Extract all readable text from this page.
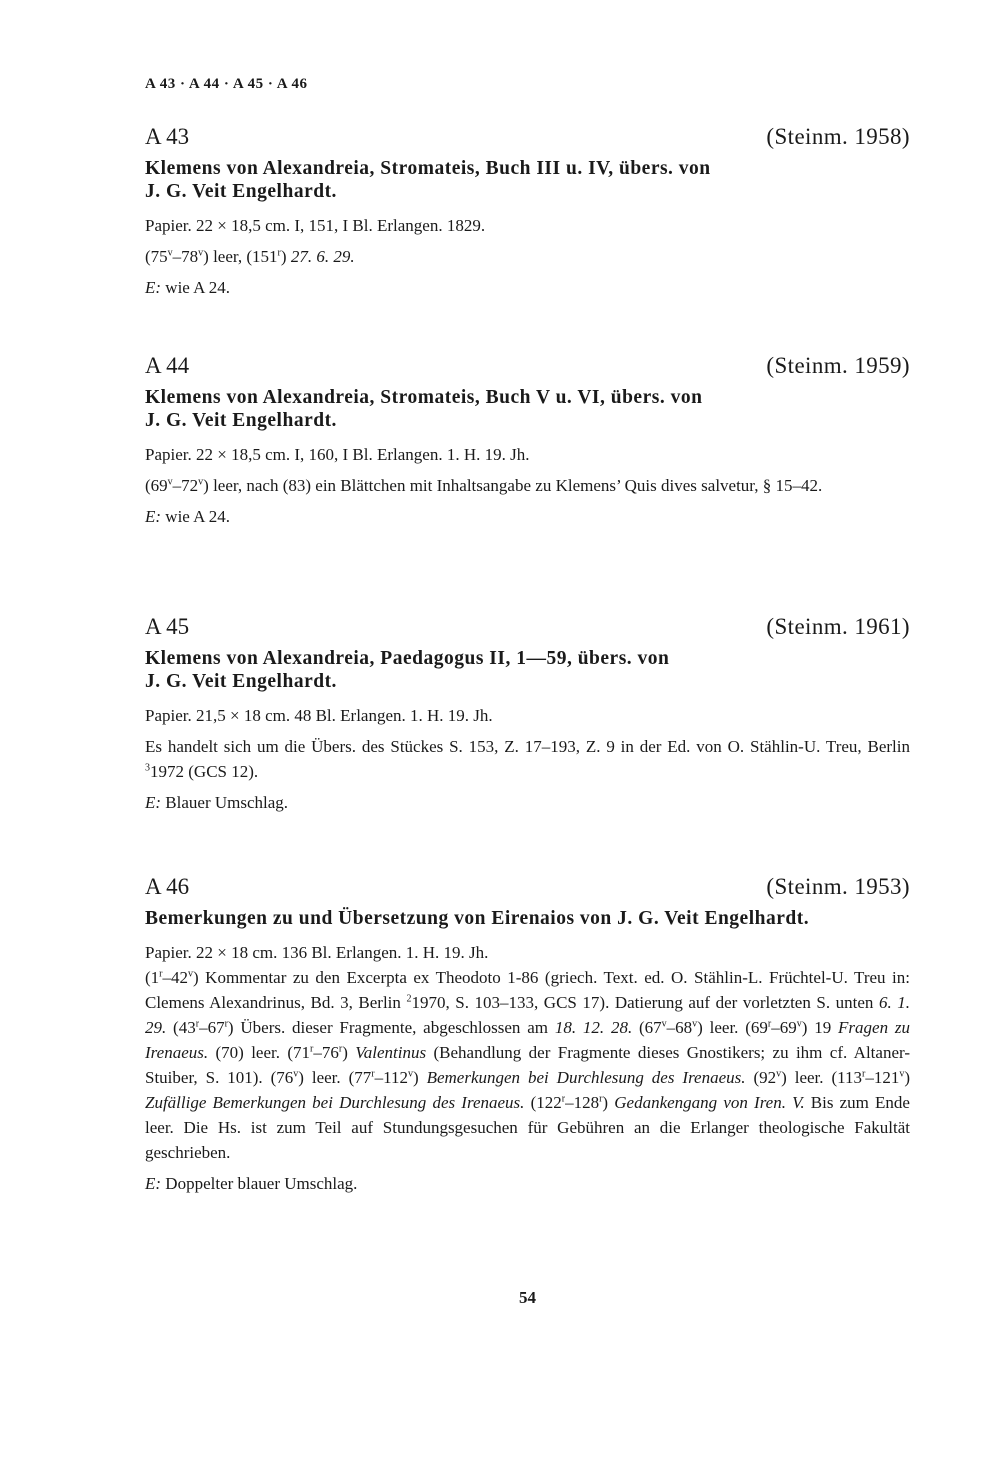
A 43 · A 44 · A 45 · A 46
A 43	(Steinm. 1958)
Klemens von Alexandreia, Stromateis, Buch III u. IV, übers. von
J. G. Veit Engelhardt.
Papier. 22 × 18,5 cm. I, 151, I Bl. Erlangen. 1829.
(75$^v$–78$^v$) leer, (151$^r$) 27. 6. 29.
E: wie A 24.
A 44	(Steinm. 1959)
Klemens von Alexandreia, Stromateis, Buch V u. VI, übers. von
J. G. Veit Engelhardt.
Papier. 22 × 18,5 cm. I, 160, I Bl. Erlangen. 1. H. 19. Jh.
(69$^v$–72$^v$) leer, nach (83) ein Blättchen mit Inhaltsangabe zu Klemens’ Quis dives salvetur, § 15–42.
E: wie A 24.
A 45	(Steinm. 1961)
Klemens von Alexandreia, Paedagogus II, 1—59, übers. von
J. G. Veit Engelhardt.
Papier. 21,5 × 18 cm. 48 Bl. Erlangen. 1. H. 19. Jh.
Es handelt sich um die Übers. des Stückes S. 153, Z. 17–193, Z. 9 in der Ed. von O. Stählin-U. Treu, Berlin $^3$1972 (GCS 12).
E: Blauer Umschlag.
A 46	(Steinm. 1953)
Bemerkungen zu und Übersetzung von Eirenaios von J. G. Veit Engelhardt.
Papier. 22 × 18 cm. 136 Bl. Erlangen. 1. H. 19. Jh.
(1$^r$–42$^v$) Kommentar zu den Excerpta ex Theodoto 1-86 (griech. Text. ed. O. Stählin-L. Früchtel-U. Treu in: Clemens Alexandrinus, Bd. 3, Berlin $^2$1970, S. 103–133, GCS 17). Datierung auf der vorletzten S. unten 6. 1. 29. (43$^r$–67$^r$) Übers. dieser Fragmente, abgeschlossen am 18. 12. 28. (67$^v$–68$^v$) leer. (69$^r$–69$^v$) 19 Fragen zu Irenaeus. (70) leer. (71$^r$–76$^r$) Valentinus (Behandlung der Fragmente dieses Gnostikers; zu ihm cf. Altaner-Stuiber, S. 101). (76$^v$) leer. (77$^r$–112$^v$) Bemerkungen bei Durchlesung des Irenaeus. (92$^v$) leer. (113$^r$–121$^v$) Zufällige Bemerkungen bei Durchlesung des Irenaeus. (122$^r$–128$^r$) Gedankengang von Iren. V. Bis zum Ende leer. Die Hs. ist zum Teil auf Stundungsgesuchen für Gebühren an die Erlanger theologische Fakultät geschrieben.
E: Doppelter blauer Umschlag.
54
